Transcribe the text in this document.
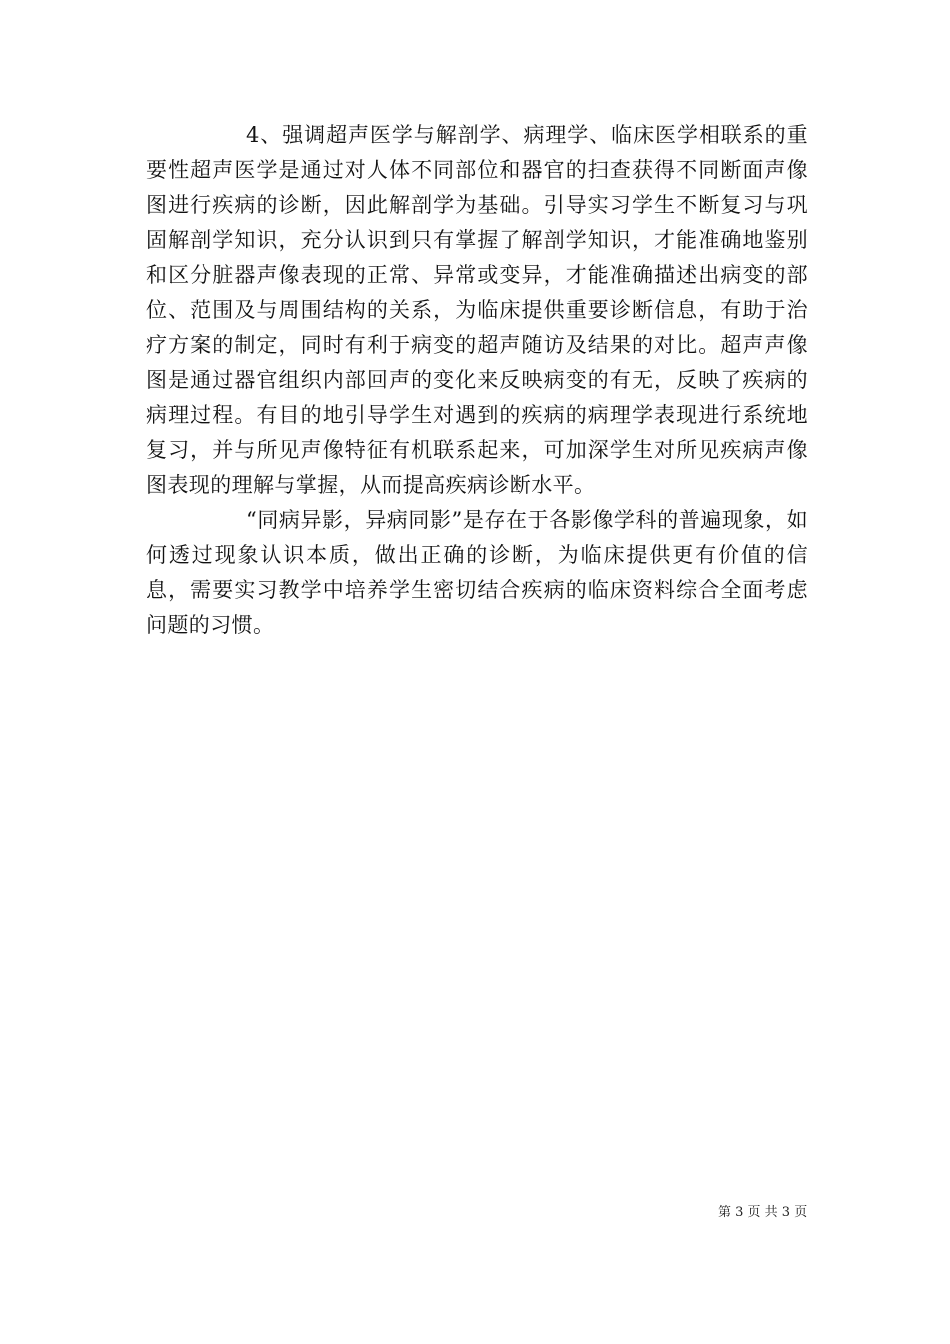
4、强调超声医学与解剖学、病理学、临床医学相联系的重要性超声医学是通过对人体不同部位和器官的扫查获得不同断面声像图进行疾病的诊断，因此解剖学为基础。引导实习学生不断复习与巩固解剖学知识，充分认识到只有掌握了解剖学知识，才能准确地鉴别和区分脏器声像表现的正常、异常或变异，才能准确描述出病变的部位、范围及与周围结构的关系，为临床提供重要诊断信息，有助于治疗方案的制定，同时有利于病变的超声随访及结果的对比。超声声像图是通过器官组织内部回声的变化来反映病变的有无，反映了疾病的病理过程。有目的地引导学生对遇到的疾病的病理学表现进行系统地复习，并与所见声像特征有机联系起来，可加深学生对所见疾病声像图表现的理解与掌握，从而提高疾病诊断水平。

“同病异影，异病同影”是存在于各影像学科的普遍现象，如何透过现象认识本质，做出正确的诊断，为临床提供更有价值的信息，需要实习教学中培养学生密切结合疾病的临床资料综合全面考虑问题的习惯。

第 3 页 共 3 页
